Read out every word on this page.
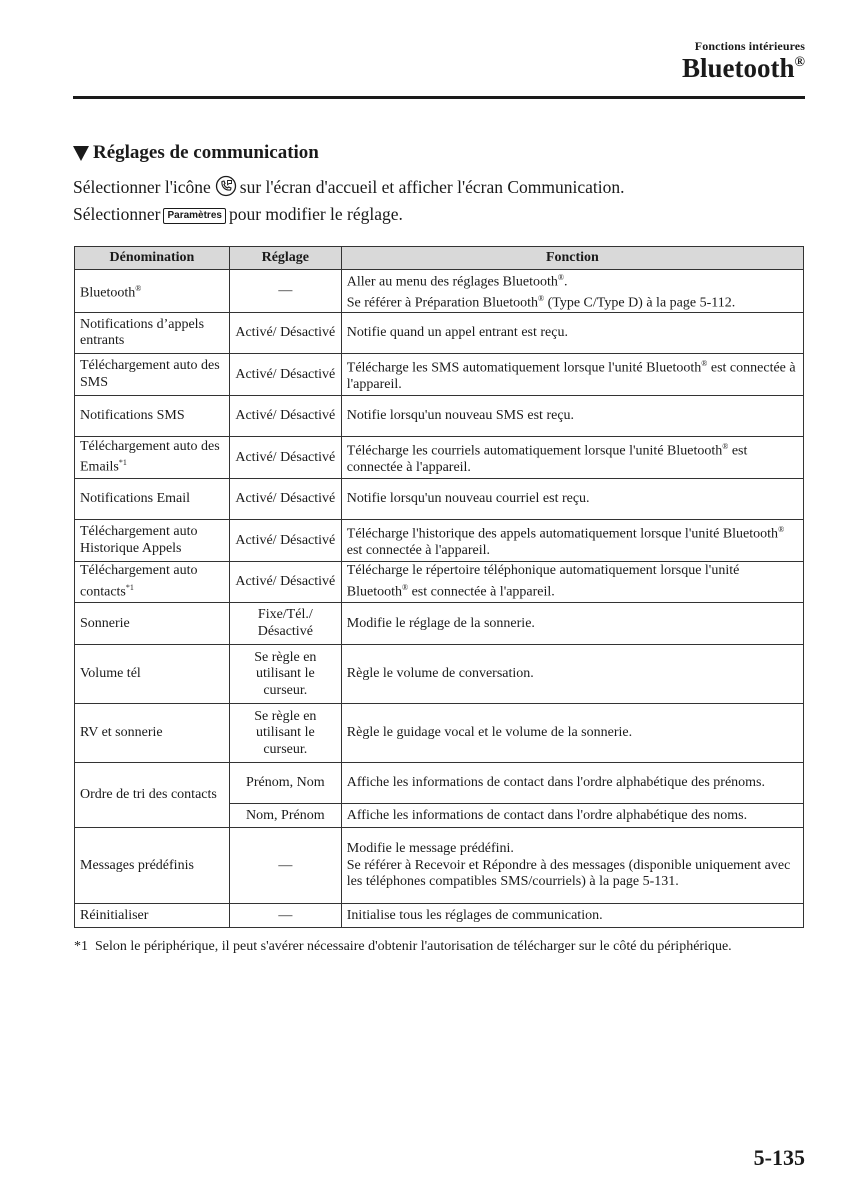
Fonctions intérieures
Bluetooth®
Réglages de communication
Sélectionner l'icône sur l'écran d'accueil et afficher l'écran Communication.
Sélectionner Paramètres pour modifier le réglage.
Dénomination	Réglage	Fonction
Bluetooth®	—	Aller au menu des réglages Bluetooth®.
Se référer à Préparation Bluetooth® (Type C/Type D) à la page 5-112.

Notifications d’appels entrants	Activé/ Désactivé	Notifie quand un appel entrant est reçu.
Téléchargement auto des SMS	Activé/ Désactivé	Télécharge les SMS automatiquement lorsque l'unité Bluetooth® est connectée à l'appareil.
Notifications SMS	Activé/ Désactivé	Notifie lorsqu'un nouveau SMS est reçu.
Téléchargement auto des Emails$^{*1}$	Activé/ Désactivé	Télécharge les courriels automatiquement lorsque l'unité Bluetooth® est connectée à l'appareil.
Notifications Email	Activé/ Désactivé	Notifie lorsqu'un nouveau courriel est reçu.
Téléchargement auto Historique Appels	Activé/ Désactivé	Télécharge l'historique des appels automatiquement lorsque l'unité Bluetooth® est connectée à l'appareil.
Téléchargement auto contacts$^{*1}$	Activé/ Désactivé	Télécharge le répertoire téléphonique automatiquement lorsque l'unité Bluetooth® est connectée à l'appareil.
Sonnerie	Fixe/Tél./ Désactivé	Modifie le réglage de la sonnerie.
Volume tél	Se règle en utilisant le curseur.	Règle le volume de conversation.
RV et sonnerie	Se règle en utilisant le curseur.	Règle le guidage vocal et le volume de la sonnerie.
Ordre de tri des contacts	Prénom, Nom	Affiche les informations de contact dans l'ordre alphabétique des prénoms.
	Nom, Prénom	Affiche les informations de contact dans l'ordre alphabétique des noms.
Messages prédéfinis	—	Modifie le message prédéfini.
Se référer à Recevoir et Répondre à des messages (disponible uniquement avec les téléphones compatibles SMS/courriels) à la page 5-131.

Réinitialiser	—	Initialise tous les réglages de communication.
*1 Selon le périphérique, il peut s'avérer nécessaire d'obtenir l'autorisation de télécharger sur le côté du périphérique.
5-135
